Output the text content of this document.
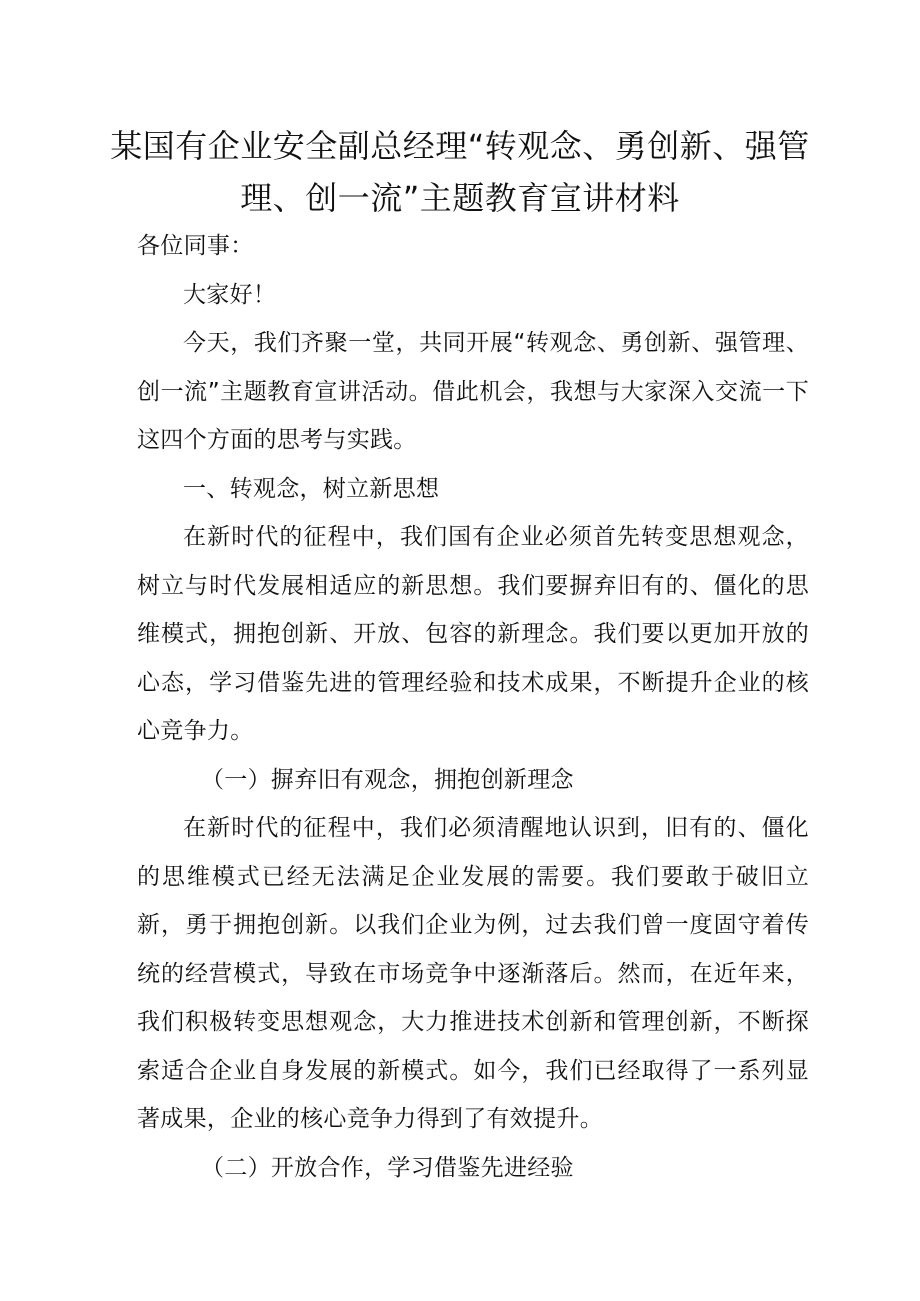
某国有企业安全副总经理“转观念、勇创新、强管理、创一流”主题教育宣讲材料

各位同事：

大家好！

今天，我们齐聚一堂，共同开展“转观念、勇创新、强管理、创一流”主题教育宣讲活动。借此机会，我想与大家深入交流一下这四个方面的思考与实践。

一、转观念，树立新思想

在新时代的征程中，我们国有企业必须首先转变思想观念，树立与时代发展相适应的新思想。我们要摒弃旧有的、僵化的思维模式，拥抱创新、开放、包容的新理念。我们要以更加开放的心态，学习借鉴先进的管理经验和技术成果，不断提升企业的核心竞争力。

（一）摒弃旧有观念，拥抱创新理念

在新时代的征程中，我们必须清醒地认识到，旧有的、僵化的思维模式已经无法满足企业发展的需要。我们要敢于破旧立新，勇于拥抱创新。以我们企业为例，过去我们曾一度固守着传统的经营模式，导致在市场竞争中逐渐落后。然而，在近年来，我们积极转变思想观念，大力推进技术创新和管理创新，不断探索适合企业自身发展的新模式。如今，我们已经取得了一系列显著成果，企业的核心竞争力得到了有效提升。

（二）开放合作，学习借鉴先进经验
